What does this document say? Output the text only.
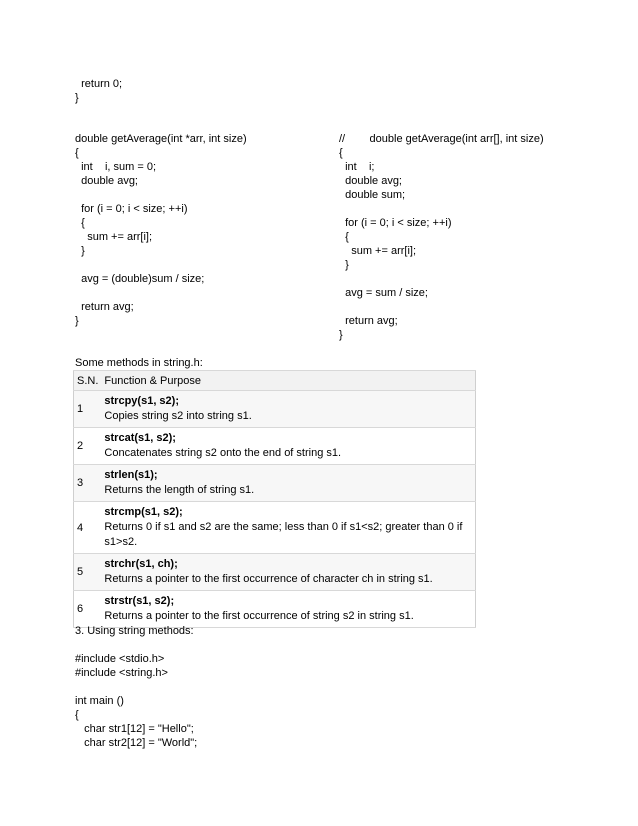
return 0;
}
double getAverage(int *arr, int size)
{
int    i, sum = 0;
double avg;
for (i = 0; i < size; ++i)
{
sum += arr[i];
}
avg = (double)sum / size;
return avg;
}
//        double getAverage(int arr[], int size)
{
int    i;
double avg;
double sum;
for (i = 0; i < size; ++i)
{
sum += arr[i];
}
avg = sum / size;
return avg;
}
Some methods in string.h:
S.N.	Function & Purpose
1	strcpy(s1, s2);
Copies string s2 into string s1.

2	strcat(s1, s2);
Concatenates string s2 onto the end of string s1.

3	strlen(s1);
Returns the length of string s1.

4	strcmp(s1, s2);
Returns 0 if s1 and s2 are the same; less than 0 if s1<s2; greater than 0 if s1>s2.

5	strchr(s1, ch);
Returns a pointer to the first occurrence of character ch in string s1.

6	strstr(s1, s2);
Returns a pointer to the first occurrence of string s2 in string s1.
3. Using string methods:
#include <stdio.h>
#include <string.h>
int main ()
{
char str1[12] = "Hello";
char str2[12] = "World";
